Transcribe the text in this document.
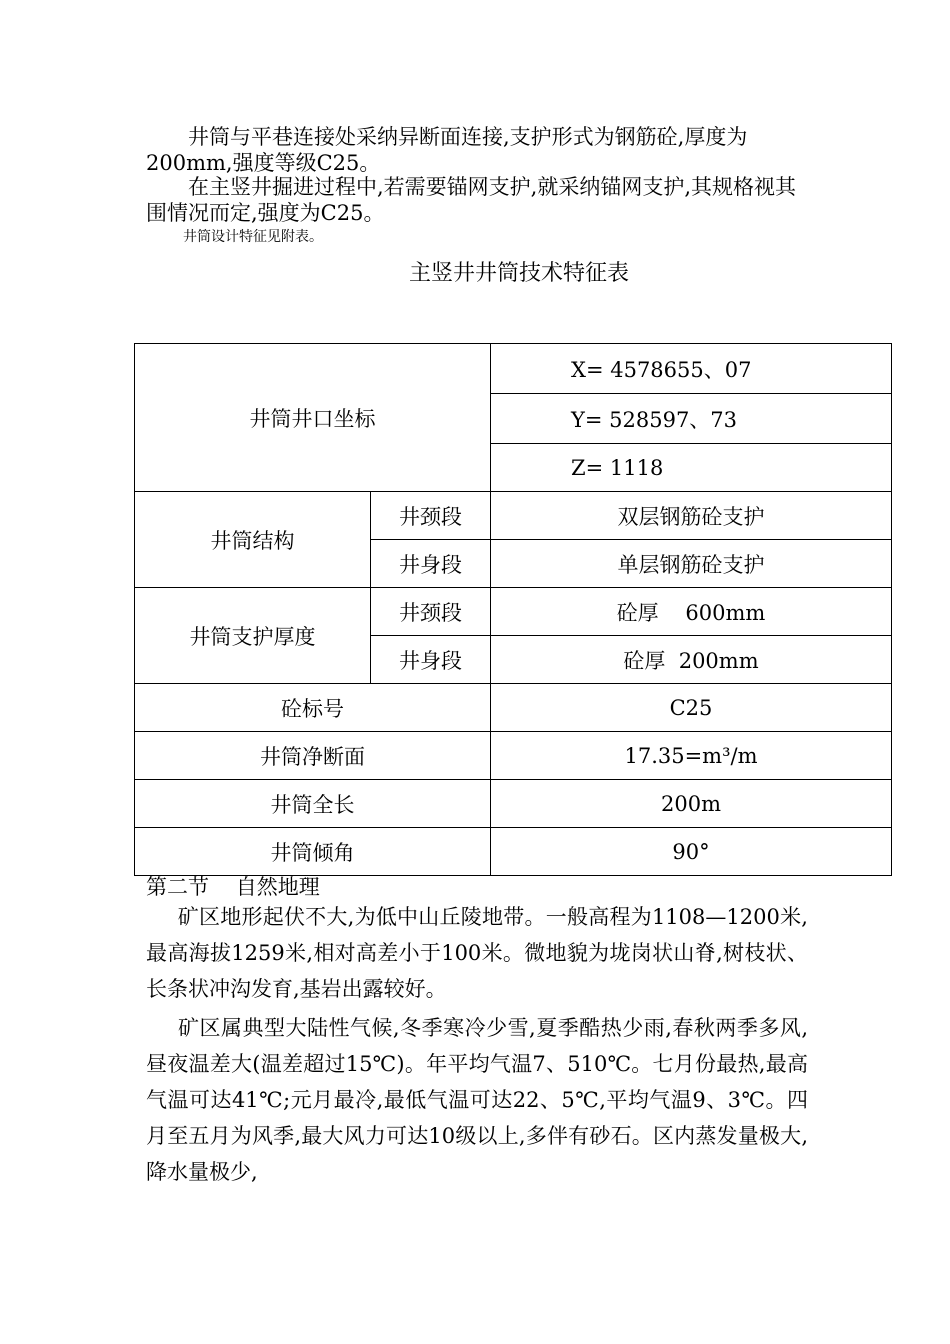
  井筒与平巷连接处采纳异断面连接,支护形式为钢筋砼,厚度为200mm,强度等级C25。

  在主竖井掘进过程中,若需要锚网支护,就采纳锚网支护,其规格视其围情况而定,强度为C25。

井筒设计特征见附表。
主竖井井筒技术特征表
井筒井口坐标		X= 4578655、07
		Y= 528597、73
		Z= 1118
井筒结构	井颈段	双层钢筋砼支护
	井身段	单层钢筋砼支护
井筒支护厚度	井颈段	砼厚    600mm
	井身段	砼厚  200mm
砼标号		C25
井筒净断面		17.35=m³/m
井筒全长		200m
井筒倾角		90°
第二节    自然地理

  矿区地形起伏不大,为低中山丘陵地带。一般高程为1108—1200米,最高海拔1259米,相对高差小于100米。微地貌为垅岗状山脊,树枝状、长条状冲沟发育,基岩出露较好。

  矿区属典型大陆性气候,冬季寒冷少雪,夏季酷热少雨,春秋两季多风,昼夜温差大(温差超过15℃)。年平均气温7、510℃。七月份最热,最高气温可达41℃;元月最冷,最低气温可达22、5℃,平均气温9、3℃。四月至五月为风季,最大风力可达10级以上,多伴有砂石。区内蒸发量极大,降水量极少,
